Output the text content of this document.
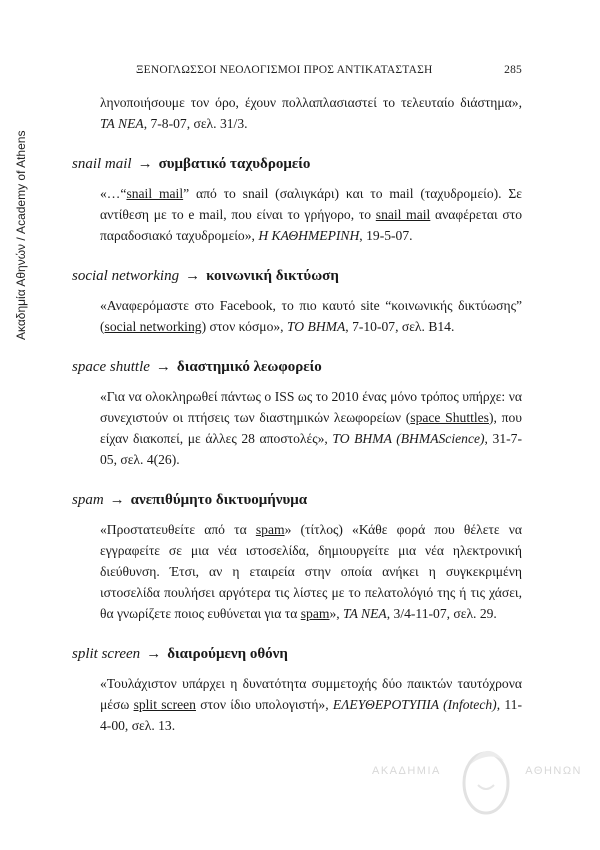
Ακαδημία Αθηνών / Academy of Athens
ΞΕΝΟΓΛΩΣΣΟΙ ΝΕΟΛΟΓΙΣΜΟΙ ΠΡΟΣ ΑΝΤΙΚΑΤΑΣΤΑΣΗ	285

ληνοποιήσουμε τον όρο, έχουν πολλαπλασιαστεί το τελευταίο διάστημα», ΤΑ ΝΕΑ, 7-8-07, σελ. 31/3.

snail mail → συμβατικό ταχυδρομείο

«…“snail mail” από το snail (σαλιγκάρι) και το mail (ταχυδρομείο). Σε αντίθεση με το e mail, που είναι το γρήγορο, το snail mail αναφέρεται στο παραδοσιακό ταχυδρομείο», Η ΚΑΘΗΜΕΡΙΝΗ, 19-5-07.

social networking → κοινωνική δικτύωση

«Αναφερόμαστε στο Facebook, το πιο καυτό site “κοινωνικής δικτύωσης” (social networking) στον κόσμο», ΤΟ ΒΗΜΑ, 7-10-07, σελ. Β14.

space shuttle → διαστημικό λεωφορείο

«Για να ολοκληρωθεί πάντως ο ISS ως το 2010 ένας μόνο τρόπος υπήρχε: να συνεχιστούν οι πτήσεις των διαστημικών λεωφορείων (space Shuttles), που είχαν διακοπεί, με άλλες 28 αποστολές», ΤΟ ΒΗΜΑ (BHMAScience), 31-7-05, σελ. 4(26).

spam → ανεπιθύμητο δικτυομήνυμα

«Προστατευθείτε από τα spam» (τίτλος) «Κάθε φορά που θέλετε να εγγραφείτε σε μια νέα ιστοσελίδα, δημιουργείτε μια νέα ηλεκτρονική διεύθυνση. Έτσι, αν η εταιρεία στην οποία ανήκει η συγκεκριμένη ιστοσελίδα πουλήσει αργότερα τις λίστες με το πελατολόγιό της ή τις χάσει, θα γνωρίζετε ποιος ευθύνεται για τα spam», ΤΑ ΝΕΑ, 3/4-11-07, σελ. 29.

split screen → διαιρούμενη οθόνη

«Τουλάχιστον υπάρχει η δυνατότητα συμμετοχής δύο παικτών ταυτόχρονα μέσω split screen στον ίδιο υπολογιστή», ΕΛΕΥΘΕΡΟΤΥΠΙΑ (Infotech), 11-4-00, σελ. 13.

ΑΚΑΔΗΜΙΑ	ΑΘΗΝΩΝ
